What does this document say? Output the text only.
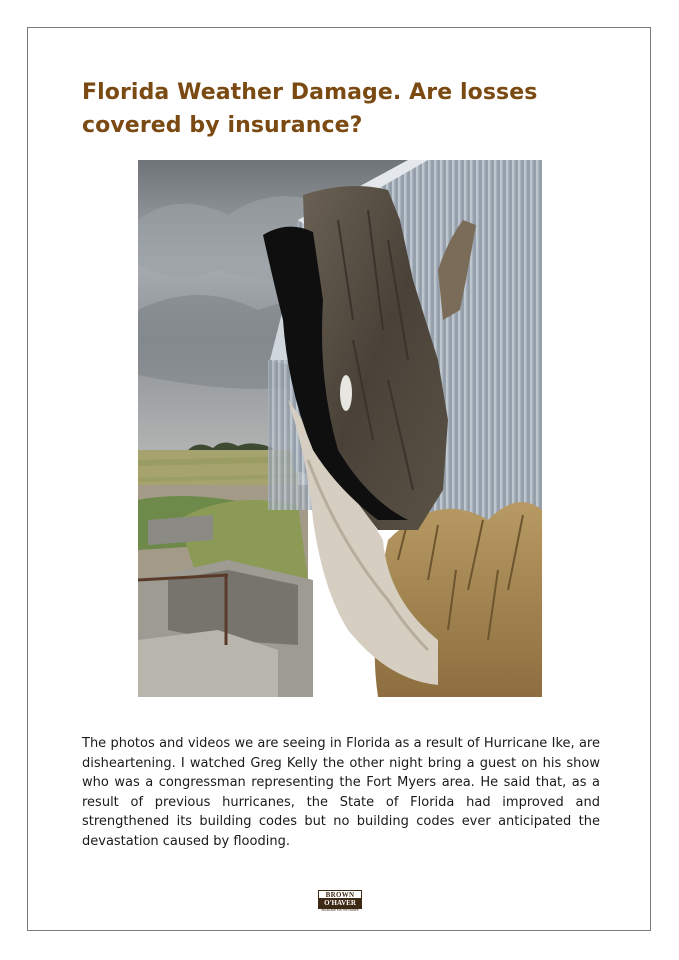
Florida Weather Damage. Are losses covered by insurance?

The photos and videos we are seeing in Florida as a result of Hurricane Ike, are disheartening. I watched Greg Kelly the other night bring a guest on his show who was a congressman representing the Fort Myers area. He said that, as a result of previous hurricanes, the State of Florida had improved and strengthened its building codes but no building codes ever anticipated the devastation caused by flooding.

BROWN
O'HAVER
INSURANCE FOR THE FARMER
